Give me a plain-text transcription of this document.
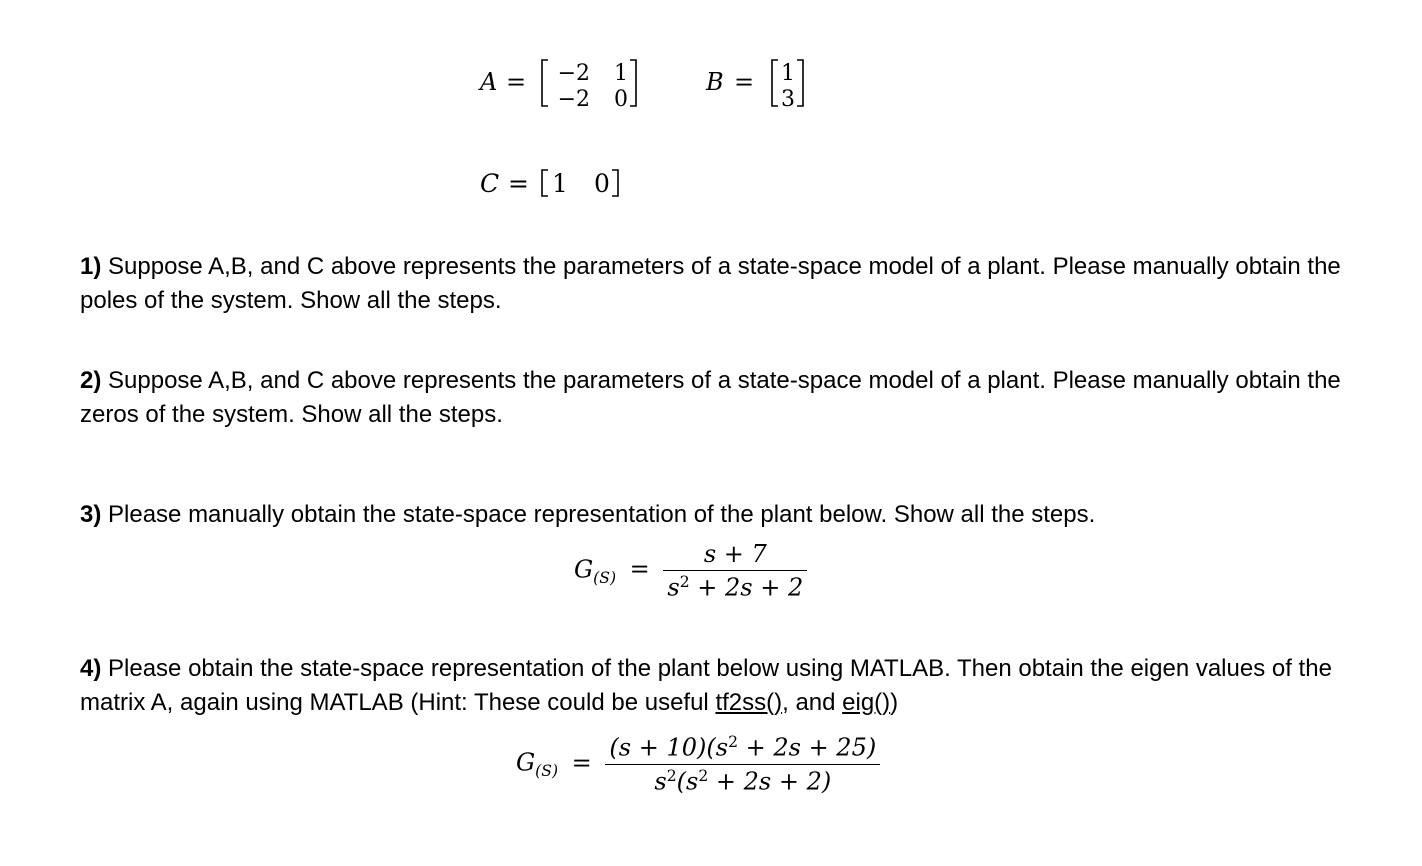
A = −2 1
−2 0
B = 1
3
C = 1 0
1) Suppose A,B, and C above represents the parameters of a state-space model of a plant. Please manually obtain the poles of the system. Show all the steps.
2) Suppose A,B, and C above represents the parameters of a state-space model of a plant. Please manually obtain the zeros of the system. Show all the steps.
3) Please manually obtain the state-space representation of the plant below. Show all the steps.
$G_{(S)} = \frac{s + 7}{s^2 + 2s + 2}$
4) Please obtain the state-space representation of the plant below using MATLAB. Then obtain the eigen values of the matrix A, again using MATLAB (Hint: These could be useful tf2ss(), and eig())
$G_{(S)} = \frac{(s + 10)(s^2 + 2s + 25)}{s^2(s^2 + 2s + 2)}$
